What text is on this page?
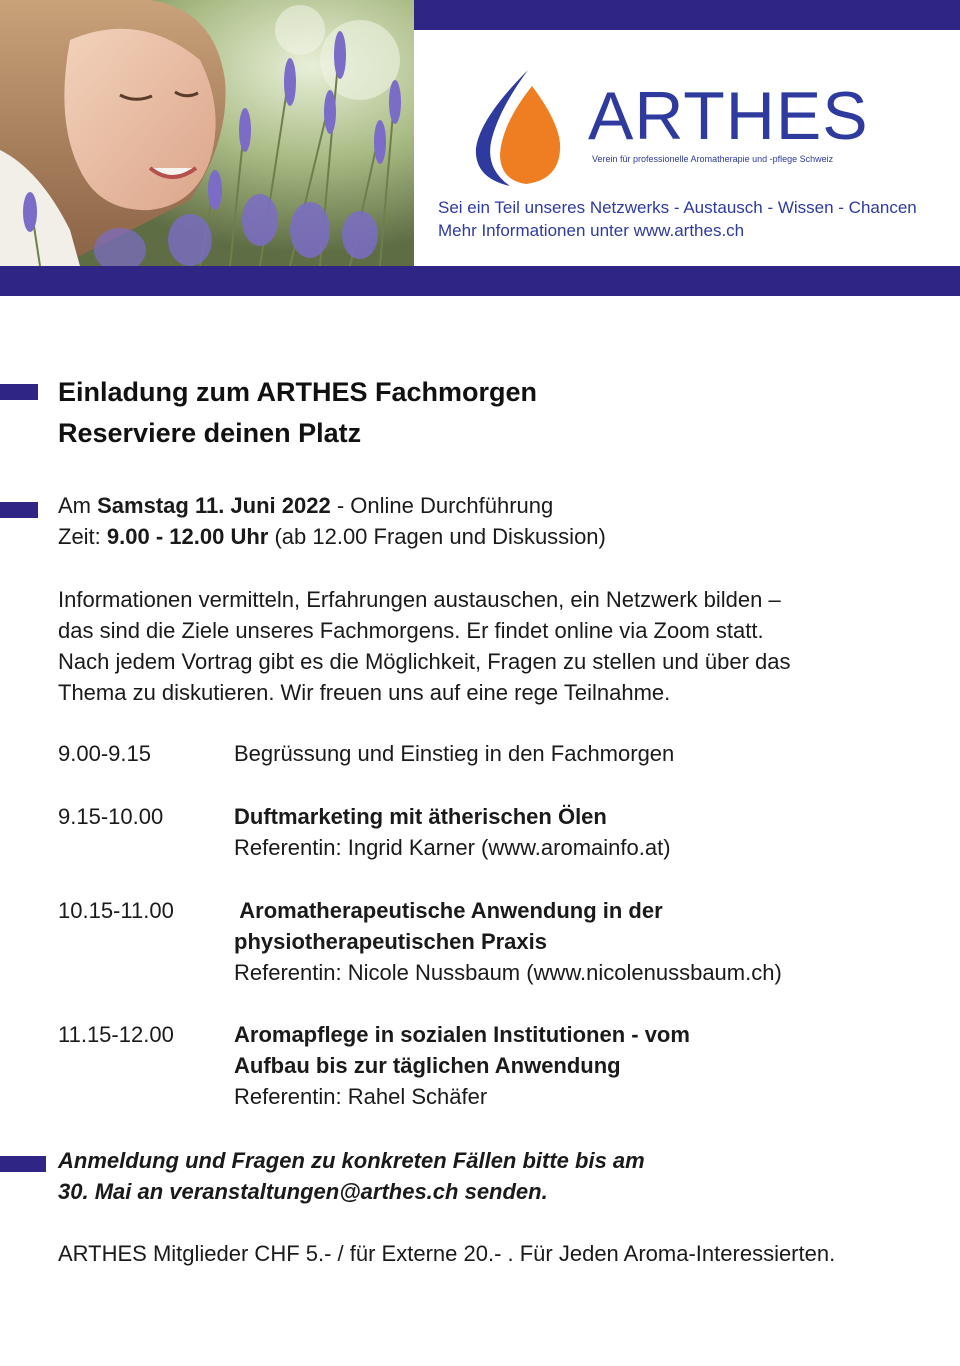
ARTHES
Verein für professionelle Aromatherapie und -pflege Schweiz
Sei ein Teil unseres Netzwerks - Austausch - Wissen - Chancen
Mehr Informationen unter www.arthes.ch
Einladung zum ARTHES Fachmorgen
Reserviere deinen Platz
Am Samstag 11. Juni 2022 - Online Durchführung
Zeit: 9.00 - 12.00 Uhr (ab 12.00 Fragen und Diskussion)
Informationen vermitteln, Erfahrungen austauschen, ein Netzwerk bilden –
das sind die Ziele unseres Fachmorgens. Er findet online via Zoom statt.
Nach jedem Vortrag gibt es die Möglichkeit, Fragen zu stellen und über das
Thema zu diskutieren. Wir freuen uns auf eine rege Teilnahme.
9.00-9.15	Begrüssung und Einstieg in den Fachmorgen
9.15-10.00	Duftmarketing mit ätherischen Ölen
Referentin: Ingrid Karner (www.aromainfo.at)
10.15-11.00	Aromatherapeutische Anwendung in der
physiotherapeutischen Praxis
Referentin: Nicole Nussbaum (www.nicolenussbaum.ch)
11.15-12.00	Aromapflege in sozialen Institutionen - vom
Aufbau bis zur täglichen Anwendung
Referentin: Rahel Schäfer
Anmeldung und Fragen zu konkreten Fällen bitte bis am
30. Mai an veranstaltungen@arthes.ch senden.
ARTHES Mitglieder CHF 5.- / für Externe 20.- . Für Jeden Aroma-Interessierten.
